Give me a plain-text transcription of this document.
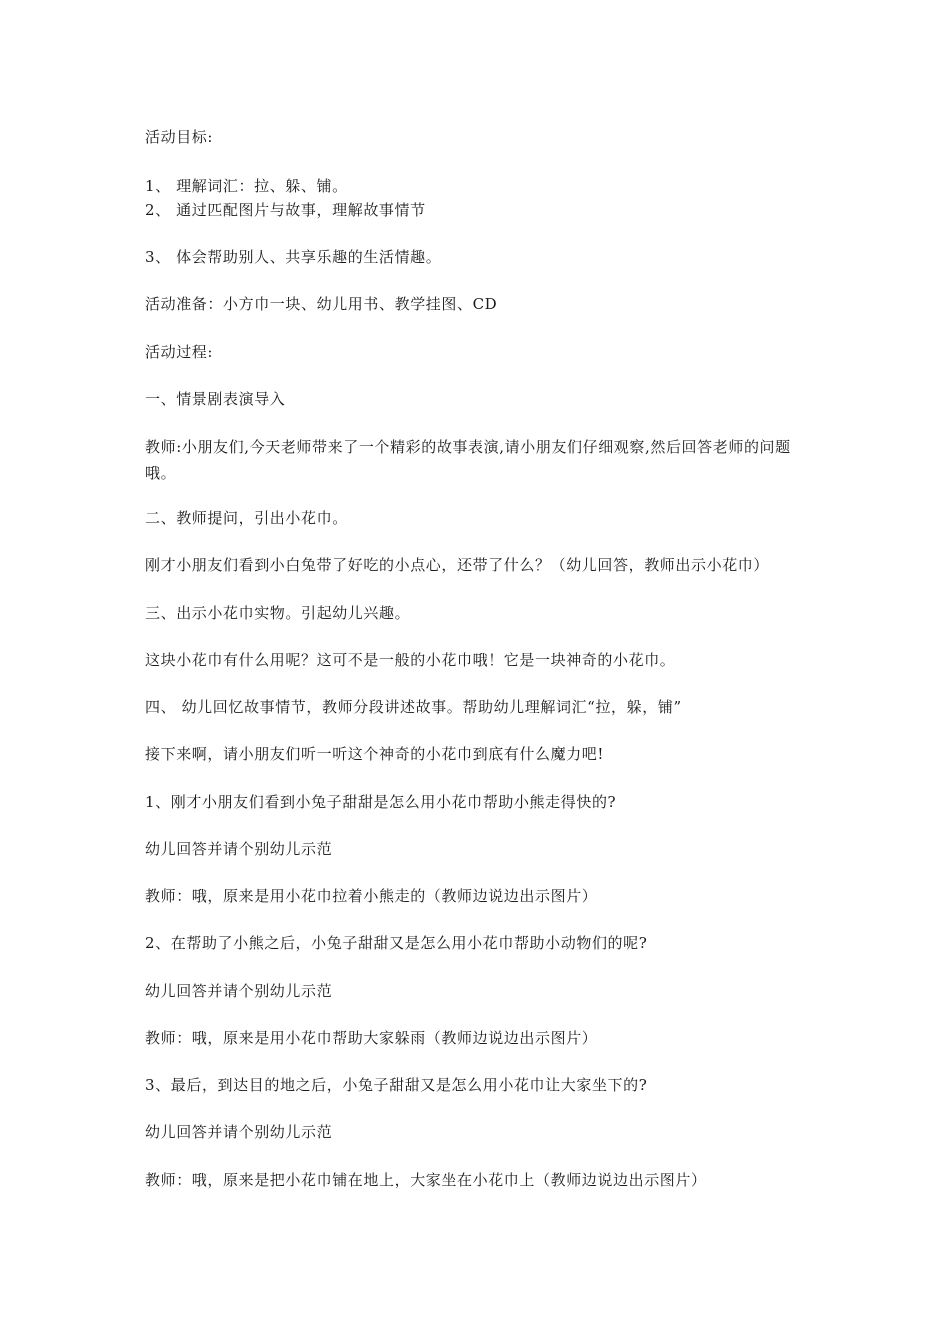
活动目标:
1、 理解词汇：拉、躲、铺。
2、 通过匹配图片与故事，理解故事情节
3、 体会帮助别人、共享乐趣的生活情趣。
活动准备：小方巾一块、幼儿用书、教学挂图、CD
活动过程:
一、情景剧表演导入
教师:小朋友们,今天老师带来了一个精彩的故事表演,请小朋友们仔细观察,然后回答老师的问题哦。
二、教师提问，引出小花巾。
刚才小朋友们看到小白兔带了好吃的小点心，还带了什么？（幼儿回答，教师出示小花巾）
三、出示小花巾实物。引起幼儿兴趣。
这块小花巾有什么用呢？这可不是一般的小花巾哦！它是一块神奇的小花巾。
四、 幼儿回忆故事情节，教师分段讲述故事。帮助幼儿理解词汇“拉，躲，铺”
接下来啊，请小朋友们听一听这个神奇的小花巾到底有什么魔力吧!
1、刚才小朋友们看到小兔子甜甜是怎么用小花巾帮助小熊走得快的?
幼儿回答并请个别幼儿示范
教师：哦，原来是用小花巾拉着小熊走的（教师边说边出示图片）
2、在帮助了小熊之后，小兔子甜甜又是怎么用小花巾帮助小动物们的呢?
幼儿回答并请个别幼儿示范
教师：哦，原来是用小花巾帮助大家躲雨（教师边说边出示图片）
3、最后，到达目的地之后，小兔子甜甜又是怎么用小花巾让大家坐下的?
幼儿回答并请个别幼儿示范
教师：哦，原来是把小花巾铺在地上，大家坐在小花巾上（教师边说边出示图片）
